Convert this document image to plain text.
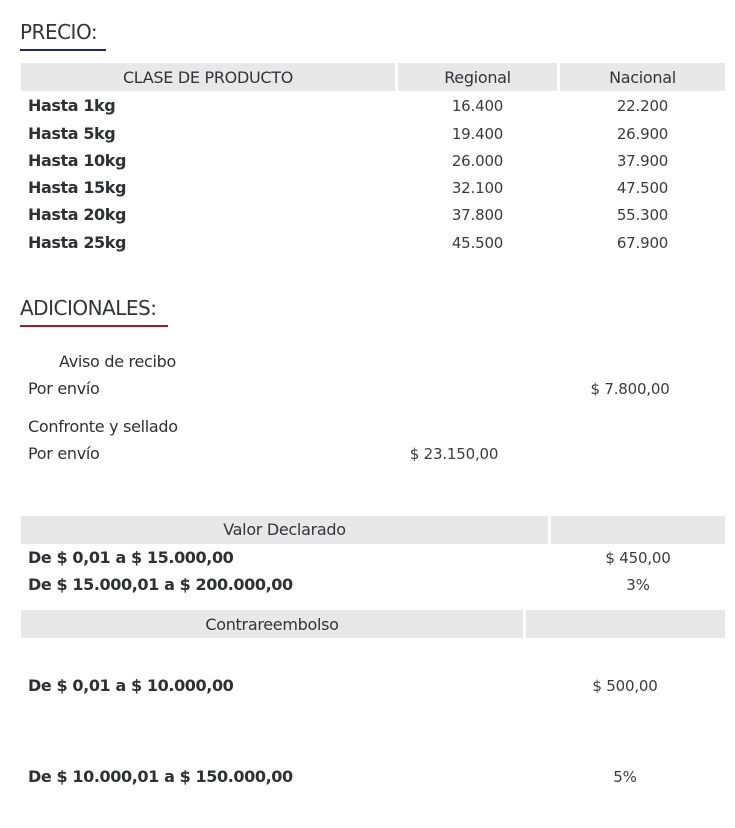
PRECIO:
CLASE DE PRODUCTO	Regional	Nacional
Hasta 1kg	16.400	22.200
Hasta 5kg	19.400	26.900
Hasta 10kg	26.000	37.900
Hasta 15kg	32.100	47.500
Hasta 20kg	37.800	55.300
Hasta 25kg	45.500	67.900
ADICIONALES:
Aviso de recibo
Por envío	$ 7.800,00
Confronte y sellado
Por envío	$ 23.150,00
Valor Declarado
De $ 0,01 a $ 15.000,00	$ 450,00
De $ 15.000,01 a $ 200.000,00	3%
Contrareembolso
De $ 0,01 a $ 10.000,00	$ 500,00
De $ 10.000,01 a $ 150.000,00	5%
